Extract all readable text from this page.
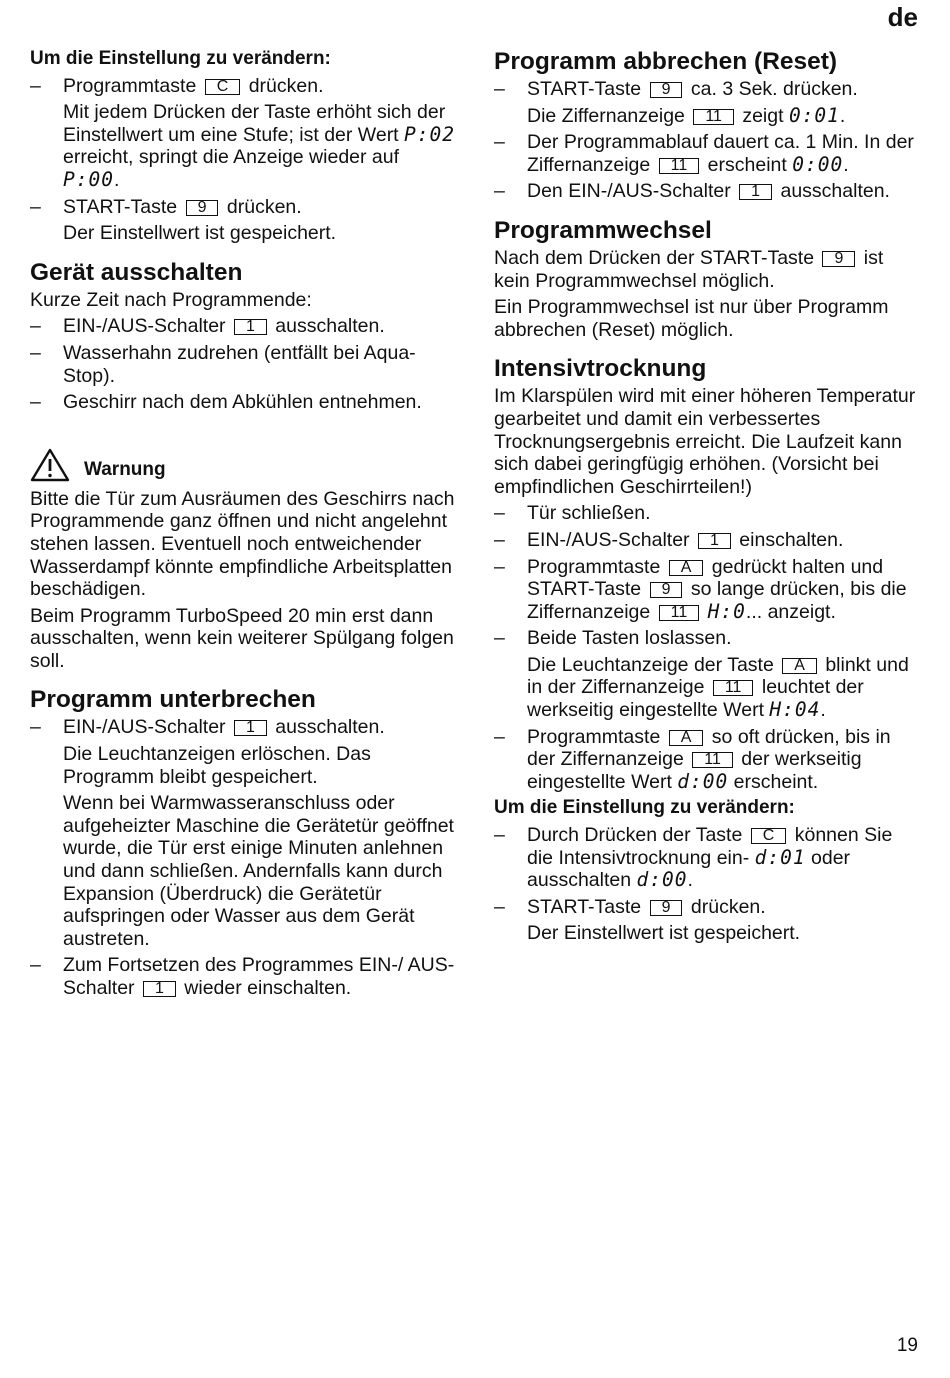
de
Um die Einstellung zu verändern:
– Programmtaste C drücken.
Mit jedem Drücken der Taste erhöht sich der Einstellwert um eine Stufe; ist der Wert P:02 erreicht, springt die Anzeige wieder auf P:00.
– START-Taste 9 drücken.
Der Einstellwert ist gespeichert.
Gerät ausschalten

Kurze Zeit nach Programmende:

– EIN-/AUS-Schalter 1 ausschalten.
– Wasserhahn zudrehen (entfällt bei Aqua-Stop).
– Geschirr nach dem Abkühlen entnehmen.
Warnung

Bitte die Tür zum Ausräumen des Geschirrs nach Programmende ganz öffnen und nicht angelehnt stehen lassen. Eventuell noch entweichender Wasserdampf könnte empfindliche Arbeitsplatten beschädigen.

Beim Programm TurboSpeed 20 min erst dann ausschalten, wenn kein weiterer Spülgang folgen soll.

Programm unterbrechen
– EIN-/AUS-Schalter 1 ausschalten.
Die Leuchtanzeigen erlöschen. Das Programm bleibt gespeichert.
Wenn bei Warmwasseranschluss oder aufgeheizter Maschine die Gerätetür geöffnet wurde, die Tür erst einige Minuten anlehnen und dann schließen. Andernfalls kann durch Expansion (Überdruck) die Gerätetür aufspringen oder Wasser aus dem Gerät austreten.
– Zum Fortsetzen des Programmes EIN-/ AUS-Schalter 1 wieder einschalten.
Programm abbrechen (Reset)
– START-Taste 9 ca. 3 Sek. drücken.
Die Ziffernanzeige 11 zeigt 0:01.
– Der Programmablauf dauert ca. 1 Min. In der Ziffernanzeige 11 erscheint 0:00.
– Den EIN-/AUS-Schalter 1 ausschalten.
Programmwechsel

Nach dem Drücken der START-Taste 9 ist kein Programmwechsel möglich.

Ein Programmwechsel ist nur über Programm abbrechen (Reset) möglich.

Intensivtrocknung

Im Klarspülen wird mit einer höheren Temperatur gearbeitet und damit ein verbessertes Trocknungsergebnis erreicht. Die Laufzeit kann sich dabei geringfügig erhöhen. (Vorsicht bei empfindlichen Geschirrteilen!)

– Tür schließen.
– EIN-/AUS-Schalter 1 einschalten.
– Programmtaste A gedrückt halten und START-Taste 9 so lange drücken, bis die Ziffernanzeige 11 H:0... anzeigt.
– Beide Tasten loslassen.
Die Leuchtanzeige der Taste A blinkt und in der Ziffernanzeige 11 leuchtet der werkseitig eingestellte Wert H:04.
– Programmtaste A so oft drücken, bis in der Ziffernanzeige 11 der werkseitig eingestellte Wert d:00 erscheint.
Um die Einstellung zu verändern:
– Durch Drücken der Taste C können Sie die Intensivtrocknung ein- d:01 oder ausschalten d:00.
– START-Taste 9 drücken.
Der Einstellwert ist gespeichert.
19
